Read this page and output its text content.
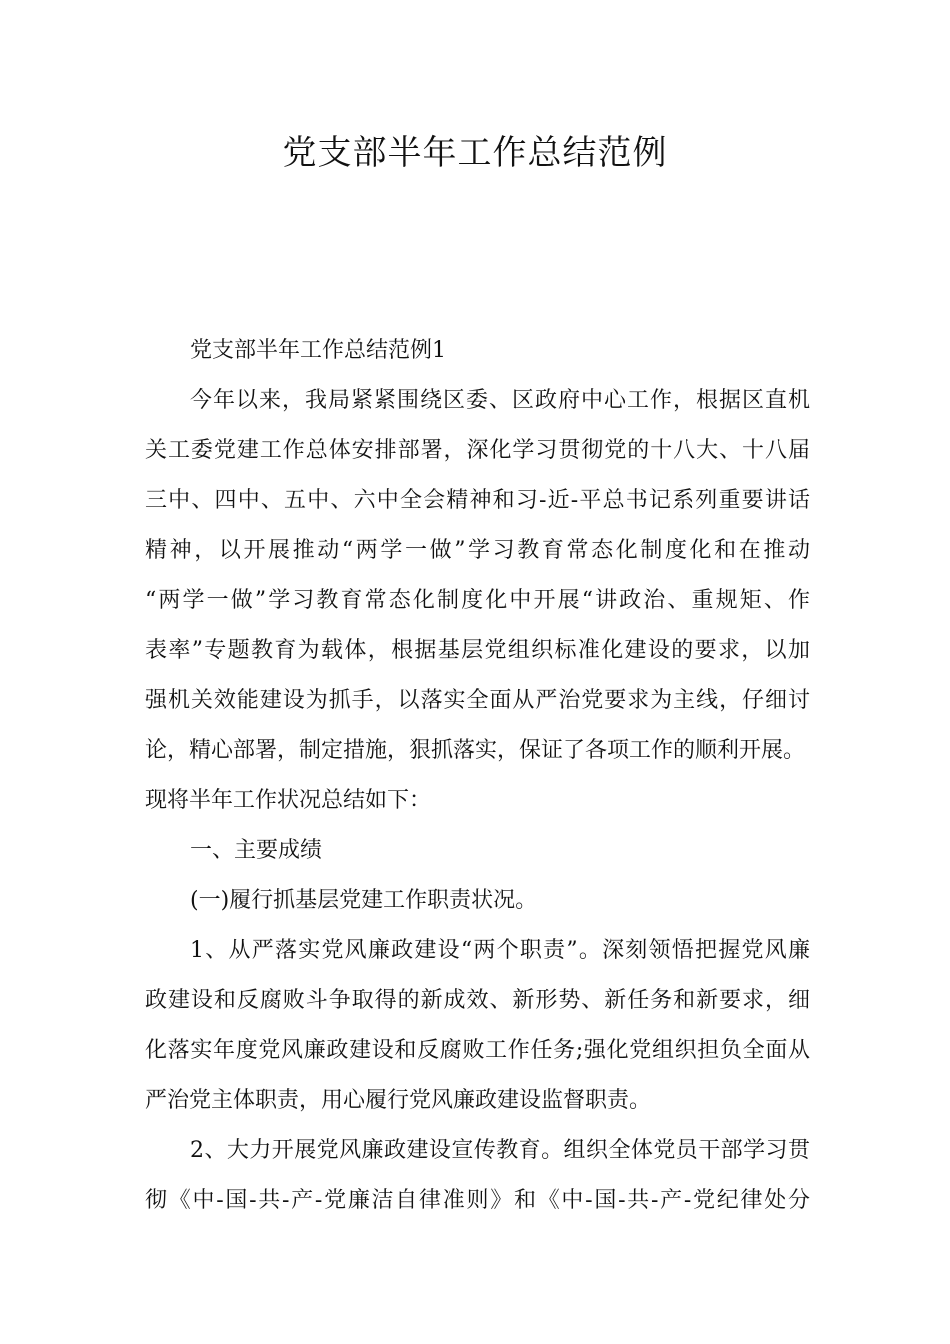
党支部半年工作总结范例
党支部半年工作总结范例1
今年以来，我局紧紧围绕区委、区政府中心工作，根据区直机
关工委党建工作总体安排部署，深化学习贯彻党的十八大、十八届
三中、四中、五中、六中全会精神和习-近-平总书记系列重要讲话
精神，以开展推动“两学一做”学习教育常态化制度化和在推动
“两学一做”学习教育常态化制度化中开展“讲政治、重规矩、作
表率”专题教育为载体，根据基层党组织标准化建设的要求，以加
强机关效能建设为抓手，以落实全面从严治党要求为主线，仔细讨
论，精心部署，制定措施，狠抓落实，保证了各项工作的顺利开展。
现将半年工作状况总结如下：
一、主要成绩
(一)履行抓基层党建工作职责状况。
1、从严落实党风廉政建设“两个职责”。深刻领悟把握党风廉
政建设和反腐败斗争取得的新成效、新形势、新任务和新要求，细
化落实年度党风廉政建设和反腐败工作任务;强化党组织担负全面从
严治党主体职责，用心履行党风廉政建设监督职责。
2、大力开展党风廉政建设宣传教育。组织全体党员干部学习贯
彻《中-国-共-产-党廉洁自律准则》和《中-国-共-产-党纪律处分
